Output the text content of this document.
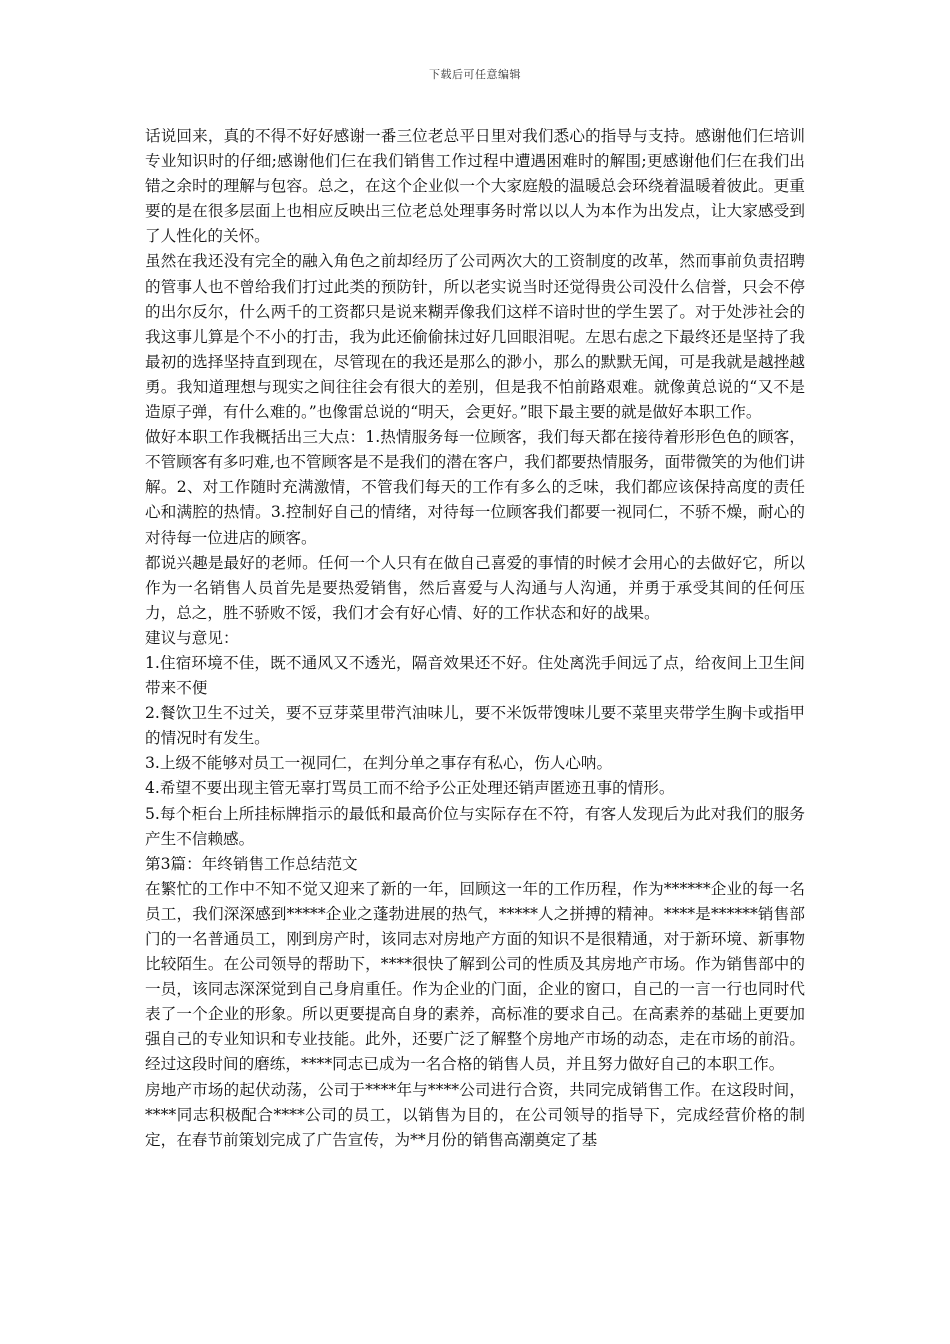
下载后可任意编辑

话说回来，真的不得不好好感谢一番三位老总平日里对我们悉心的指导与支持。感谢他们仨培训专业知识时的仔细;感谢他们仨在我们销售工作过程中遭遇困难时的解围;更感谢他们仨在我们出错之余时的理解与包容。总之，在这个企业似一个大家庭般的温暖总会环绕着温暖着彼此。更重要的是在很多层面上也相应反映出三位老总处理事务时常以以人为本作为出发点，让大家感受到了人性化的关怀。

虽然在我还没有完全的融入角色之前却经历了公司两次大的工资制度的改革，然而事前负责招聘的管事人也不曾给我们打过此类的预防针，所以老实说当时还觉得贵公司没什么信誉，只会不停的出尔反尔，什么两千的工资都只是说来糊弄像我们这样不谙时世的学生罢了。对于处涉社会的我这事儿算是个不小的打击，我为此还偷偷抹过好几回眼泪呢。左思右虑之下最终还是坚持了我最初的选择坚持直到现在，尽管现在的我还是那么的渺小，那么的默默无闻，可是我就是越挫越勇。我知道理想与现实之间往往会有很大的差别，但是我不怕前路艰难。就像黄总说的“又不是造原子弹，有什么难的。”也像雷总说的“明天，会更好。”眼下最主要的就是做好本职工作。

做好本职工作我概括出三大点：1.热情服务每一位顾客，我们每天都在接待着形形色色的顾客，不管顾客有多叼难,也不管顾客是不是我们的潜在客户，我们都要热情服务，面带微笑的为他们讲解。2、对工作随时充满激情，不管我们每天的工作有多么的乏味，我们都应该保持高度的责任心和满腔的热情。3.控制好自己的情绪，对待每一位顾客我们都要一视同仁，不骄不燥，耐心的对待每一位进店的顾客。

都说兴趣是最好的老师。任何一个人只有在做自己喜爱的事情的时候才会用心的去做好它，所以作为一名销售人员首先是要热爱销售，然后喜爱与人沟通与人沟通，并勇于承受其间的任何压力，总之，胜不骄败不馁，我们才会有好心情、好的工作状态和好的战果。

建议与意见：

1.住宿环境不佳，既不通风又不透光，隔音效果还不好。住处离洗手间远了点，给夜间上卫生间带来不便

2.餐饮卫生不过关，要不豆芽菜里带汽油味儿，要不米饭带馊味儿要不菜里夹带学生胸卡或指甲的情况时有发生。

3.上级不能够对员工一视同仁，在判分单之事存有私心，伤人心呐。

4.希望不要出现主管无辜打骂员工而不给予公正处理还销声匿迹丑事的情形。

5.每个柜台上所挂标牌指示的最低和最高价位与实际存在不符，有客人发现后为此对我们的服务产生不信赖感。

第3篇：年终销售工作总结范文

在繁忙的工作中不知不觉又迎来了新的一年，回顾这一年的工作历程，作为******企业的每一名员工，我们深深感到*****企业之蓬勃进展的热气，*****人之拼搏的精神。****是******销售部门的一名普通员工，刚到房产时，该同志对房地产方面的知识不是很精通，对于新环境、新事物比较陌生。在公司领导的帮助下，****很快了解到公司的性质及其房地产市场。作为销售部中的一员，该同志深深觉到自己身肩重任。作为企业的门面，企业的窗口，自己的一言一行也同时代表了一个企业的形象。所以更要提高自身的素养，高标准的要求自己。在高素养的基础上更要加强自己的专业知识和专业技能。此外，还要广泛了解整个房地产市场的动态，走在市场的前沿。经过这段时间的磨练，****同志已成为一名合格的销售人员，并且努力做好自己的本职工作。

房地产市场的起伏动荡，公司于****年与****公司进行合资，共同完成销售工作。在这段时间，****同志积极配合****公司的员工，以销售为目的，在公司领导的指导下，完成经营价格的制定，在春节前策划完成了广告宣传，为**月份的销售高潮奠定了基
